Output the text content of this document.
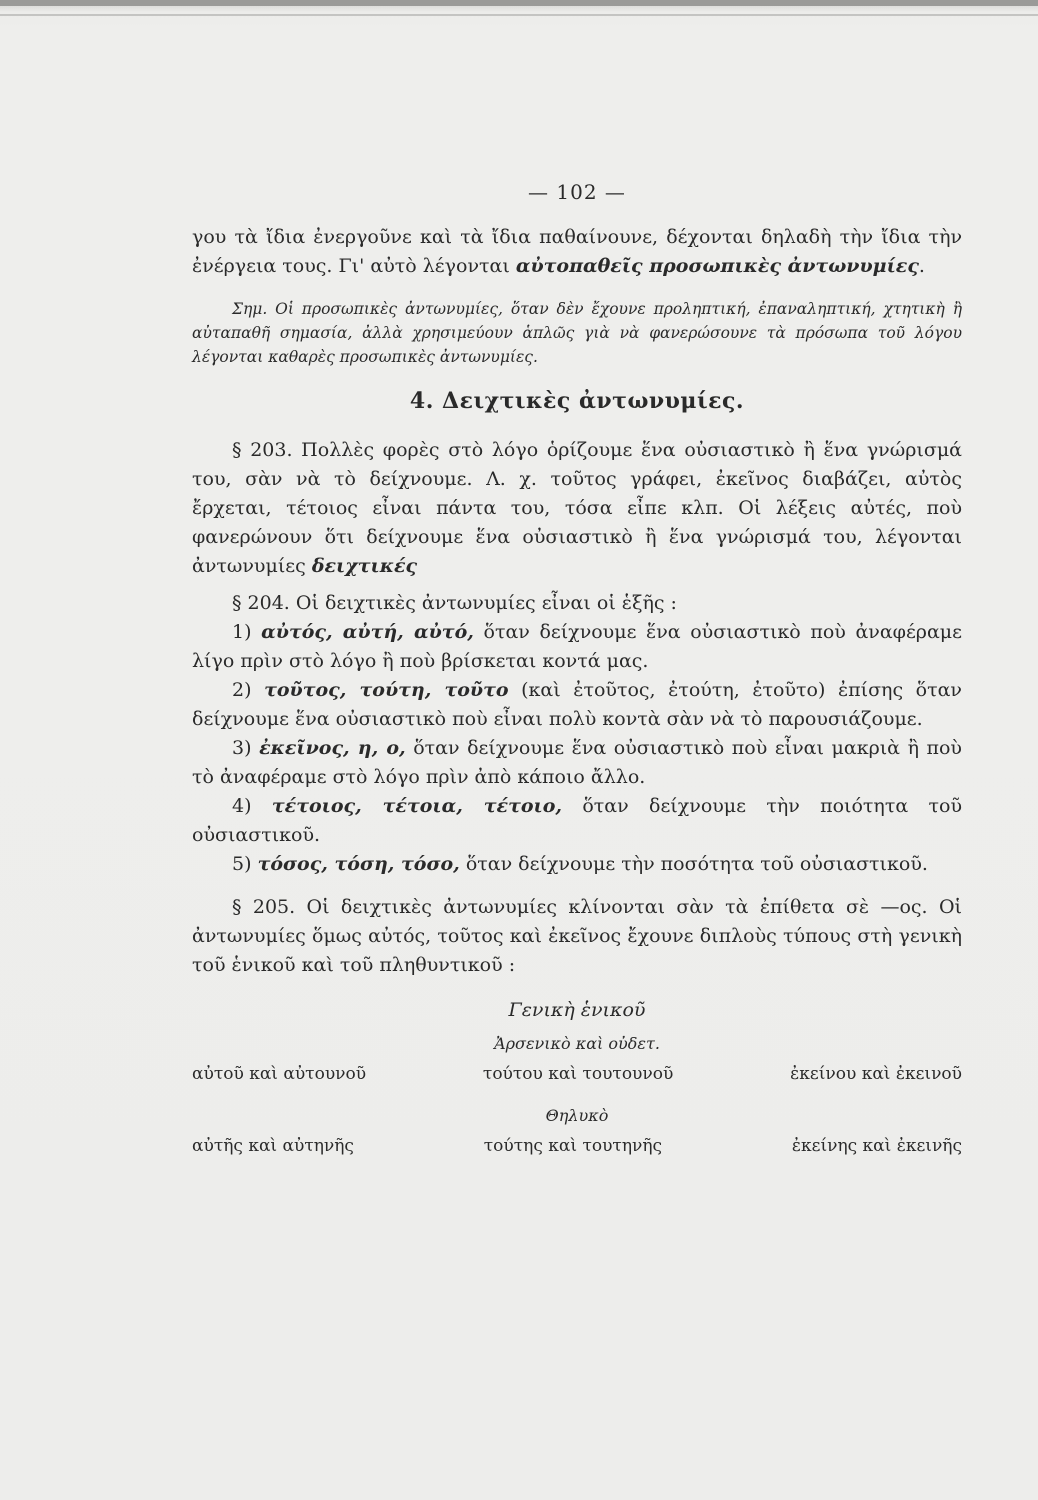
— 102 —

γου τὰ ἴδια ἐνεργοῦνε καὶ τὰ ἴδια παθαίνουνε, δέχονται δηλαδὴ τὴν ἴδια τὴν ἐνέργεια τους. Γι' αὐτὸ λέγονται αὐτοπαθεῖς προσωπικὲς ἀντωνυμίες.

Σημ. Οἱ προσωπικὲς ἀντωνυμίες, ὅταν δὲν ἔχουνε προληπτική, ἐπαναληπτική, χτητικὴ ἢ αὐταπαθῆ σημασία, ἀλλὰ χρησιμεύουν ἁπλῶς γιὰ νὰ φανερώσουνε τὰ πρόσωπα τοῦ λόγου λέγονται καθαρὲς προσωπικὲς ἀντωνυμίες.

4. Δειχτικὲς ἀντωνυμίες.

§ 203. Πολλὲς φορὲς στὸ λόγο ὁρίζουμε ἕνα οὐσιαστικὸ ἢ ἕνα γνώρισμά του, σὰν νὰ τὸ δείχνουμε. Λ. χ. τοῦτος γράφει, ἐκεῖνος διαβάζει, αὐτὸς ἔρχεται, τέτοιος εἶναι πάντα του, τόσα εἶπε κλπ. Οἱ λέξεις αὐτές, ποὺ φανερώνουν ὅτι δείχνουμε ἕνα οὐσιαστικὸ ἢ ἕνα γνώρισμά του, λέγονται ἀντωνυμίες δειχτικές

§ 204. Οἱ δειχτικὲς ἀντωνυμίες εἶναι οἱ ἑξῆς :

1) αὐτός, αὐτή, αὐτό, ὅταν δείχνουμε ἕνα οὐσιαστικὸ ποὺ ἀναφέραμε λίγο πρὶν στὸ λόγο ἢ ποὺ βρίσκεται κοντά μας.

2) τοῦτος, τούτη, τοῦτο (καὶ ἐτοῦτος, ἐτούτη, ἐτοῦτο) ἐπίσης ὅταν δείχνουμε ἕνα οὐσιαστικὸ ποὺ εἶναι πολὺ κοντὰ σὰν νὰ τὸ παρουσιάζουμε.

3) ἐκεῖνος, η, ο, ὅταν δείχνουμε ἕνα οὐσιαστικὸ ποὺ εἶναι μακριὰ ἢ ποὺ τὸ ἀναφέραμε στὸ λόγο πρὶν ἀπὸ κάποιο ἄλλο.

4) τέτοιος, τέτοια, τέτοιο, ὅταν δείχνουμε τὴν ποιότητα τοῦ οὐσιαστικοῦ.

5) τόσος, τόση, τόσο, ὅταν δείχνουμε τὴν ποσότητα τοῦ οὐσιαστικοῦ.

§ 205. Οἱ δειχτικὲς ἀντωνυμίες κλίνονται σὰν τὰ ἐπίθετα σὲ —ος. Οἱ ἀντωνυμίες ὅμως αὐτός, τοῦτος καὶ ἐκεῖνος ἔχουνε διπλοὺς τύπους στὴ γενικὴ τοῦ ἑνικοῦ καὶ τοῦ πληθυντικοῦ :

Γενικὴ ἑνικοῦ
Ἀρσενικὸ καὶ οὐδετ.
αὐτοῦ καὶ αὐτουνοῦ	τούτου καὶ τουτουνοῦ	ἐκείνου καὶ ἐκεινοῦ
Θηλυκὸ
αὐτῆς καὶ αὐτηνῆς	τούτης καὶ τουτηνῆς	ἐκείνης καὶ ἐκεινῆς
